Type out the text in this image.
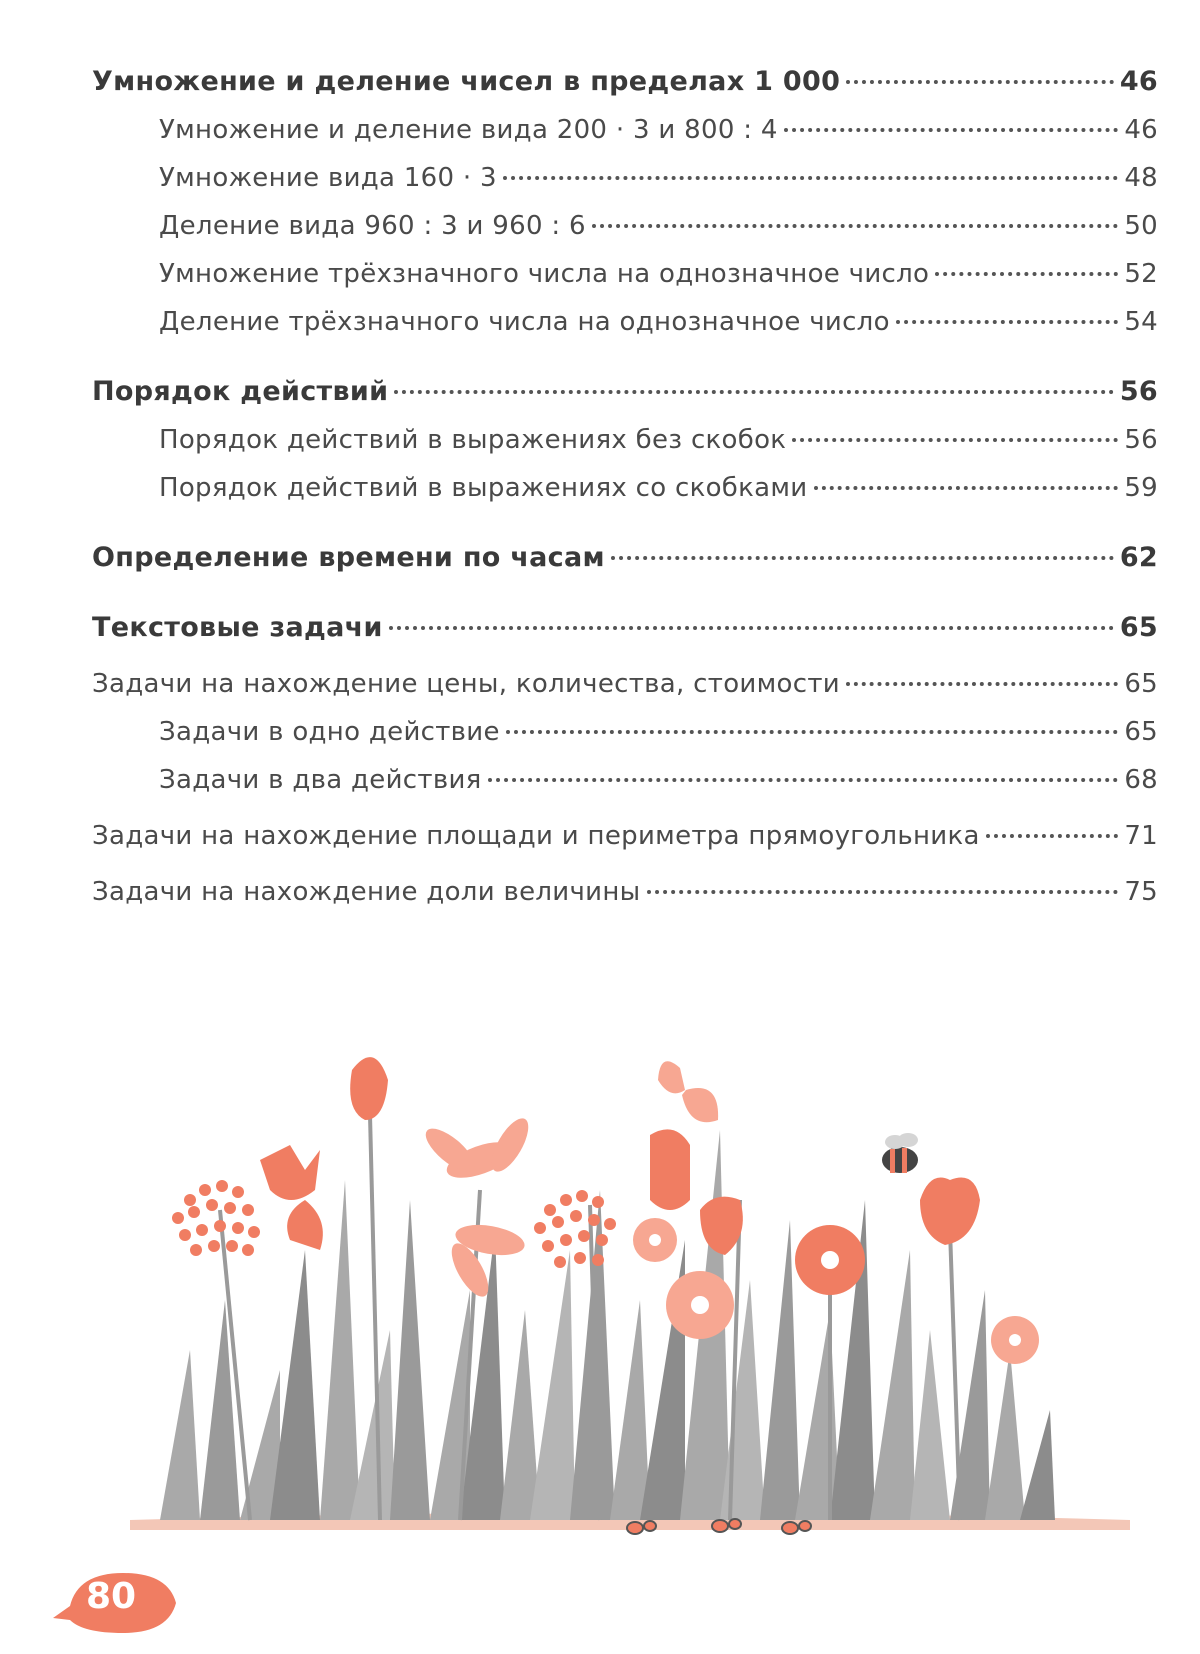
Умножение и деление чисел в пределах 1 000	46
Умножение и деление вида 200 · 3 и 800 : 4	46
Умножение вида 160 · 3	48
Деление вида 960 : 3 и 960 : 6	50
Умножение трёхзначного числа на однозначное число	52
Деление трёхзначного числа на однозначное число	54
Порядок действий	56
Порядок действий в выражениях без скобок	56
Порядок действий в выражениях со скобками	59
Определение времени по часам	62
Текстовые задачи	65
Задачи на нахождение цены, количества, стоимости	65
Задачи в одно действие	65
Задачи в два действия	68
Задачи на нахождение площади и периметра прямоугольника	71
Задачи на нахождение доли величины	75
80
